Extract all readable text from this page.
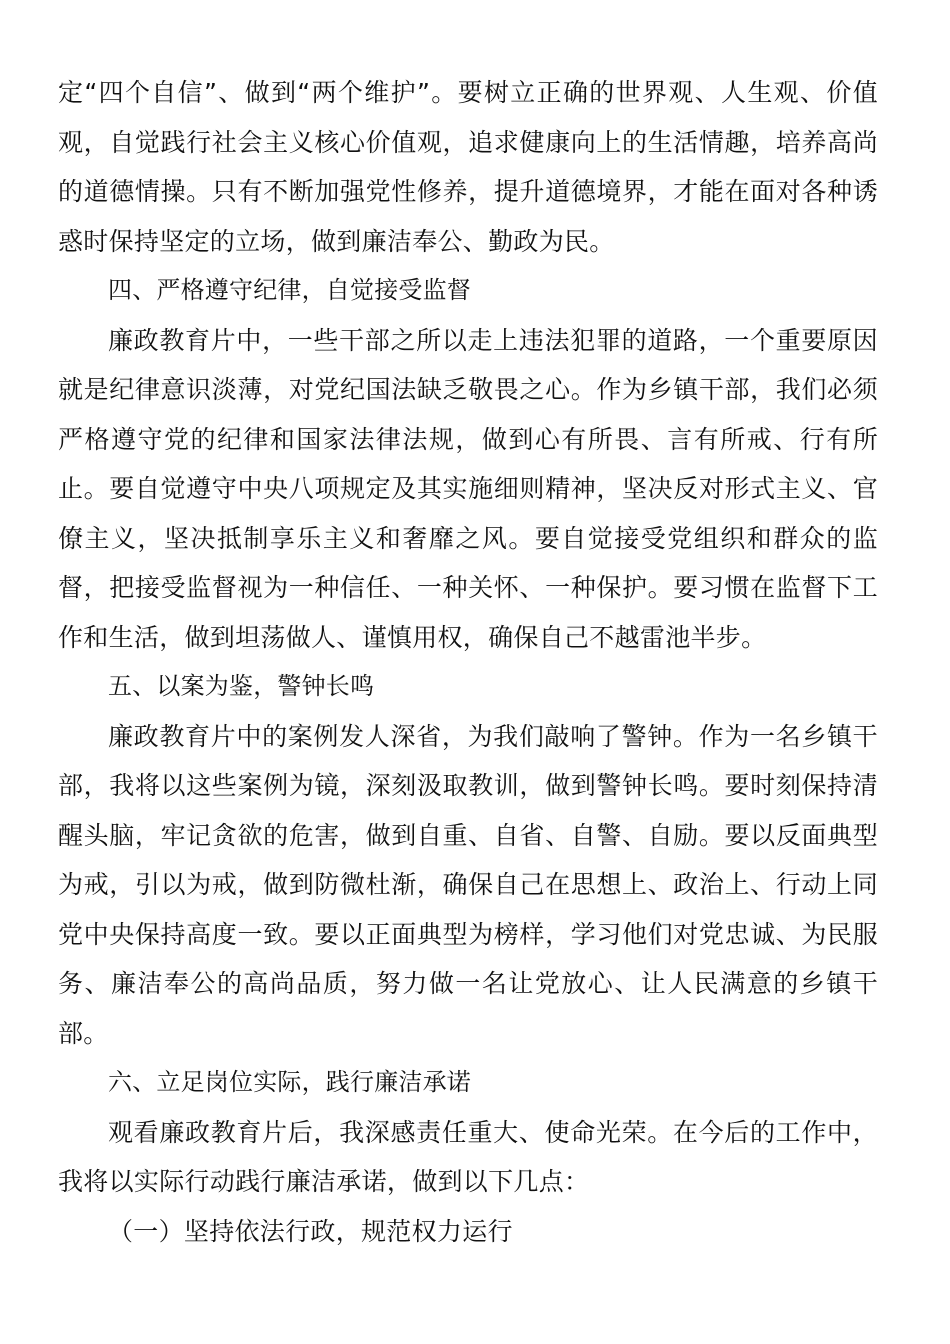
定“四个自信”、做到“两个维护”。要树立正确的世界观、人生观、价值观，自觉践行社会主义核心价值观，追求健康向上的生活情趣，培养高尚的道德情操。只有不断加强党性修养，提升道德境界，才能在面对各种诱惑时保持坚定的立场，做到廉洁奉公、勤政为民。

四、严格遵守纪律，自觉接受监督

廉政教育片中，一些干部之所以走上违法犯罪的道路，一个重要原因就是纪律意识淡薄，对党纪国法缺乏敬畏之心。作为乡镇干部，我们必须严格遵守党的纪律和国家法律法规，做到心有所畏、言有所戒、行有所止。要自觉遵守中央八项规定及其实施细则精神，坚决反对形式主义、官僚主义，坚决抵制享乐主义和奢靡之风。要自觉接受党组织和群众的监督，把接受监督视为一种信任、一种关怀、一种保护。要习惯在监督下工作和生活，做到坦荡做人、谨慎用权，确保自己不越雷池半步。

五、以案为鉴，警钟长鸣

廉政教育片中的案例发人深省，为我们敲响了警钟。作为一名乡镇干部，我将以这些案例为镜，深刻汲取教训，做到警钟长鸣。要时刻保持清醒头脑，牢记贪欲的危害，做到自重、自省、自警、自励。要以反面典型为戒，引以为戒，做到防微杜渐，确保自己在思想上、政治上、行动上同党中央保持高度一致。要以正面典型为榜样，学习他们对党忠诚、为民服务、廉洁奉公的高尚品质，努力做一名让党放心、让人民满意的乡镇干部。

六、立足岗位实际，践行廉洁承诺

观看廉政教育片后，我深感责任重大、使命光荣。在今后的工作中，我将以实际行动践行廉洁承诺，做到以下几点：

（一）坚持依法行政，规范权力运行
